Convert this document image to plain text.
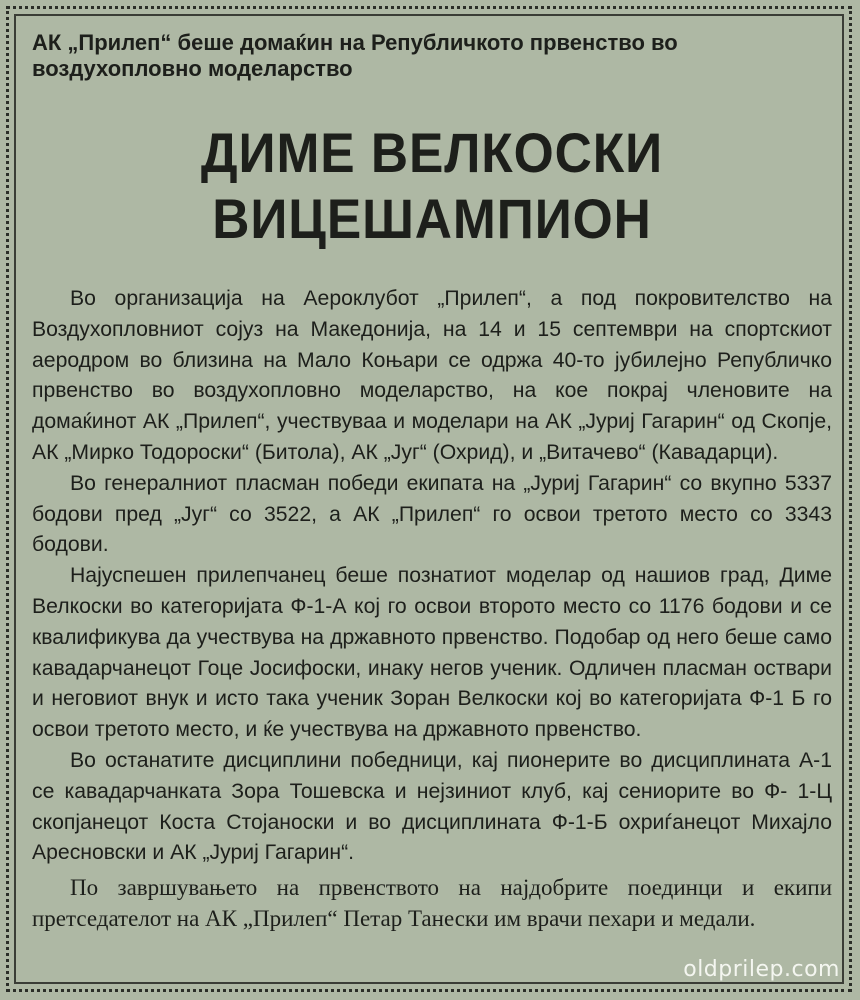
АК „Прилеп“ беше домаќин на Републичкото првенство во воздухопловно моделарство

ДИМЕ ВЕЛКОСКИ
ВИЦЕШАМПИОН

Во организација на Аероклубот „Прилеп“, а под покровителство на Воздухопловниот сојуз на Македонија, на 14 и 15 септември на спортскиот аеродром во близина на Мало Коњари се одржа 40-то јубилејно Републичко првенство во воздухопловно моделарство, на кое покрај членовите на домаќинот АК „Прилеп“, учествуваа и моделари на АК „Јуриј Гагарин“ од Скопје, АК „Мирко Тодороски“ (Битола), АК „Југ“ (Охрид), и „Витачево“ (Кавадарци).

Во генералниот пласман победи екипата на „Јуриј Гагарин“ со вкупно 5337 бодови пред „Југ“ со 3522, а АК „Прилеп“ го освои третото место со 3343 бодови.

Најуспешен прилепчанец беше познатиот моделар од нашиов град, Диме Велкоски во категоријата Ф-1-А кој го освои второто место со 1176 бодови и се квалификува да учествува на државното првенство. Подобар од него беше само кавадарчанецот Гоце Јосифоски, инаку негов ученик. Одличен пласман оствари и неговиот внук и исто така ученик Зоран Велкоски кој во категоријата Ф-1 Б го освои третото место, и ќе учествува на државното првенство.

Во останатите дисциплини победници, кај пионерите во дисциплината А-1 се кавадарчанката Зора Тошевска и нејзиниот клуб, кај сениорите во Ф- 1-Ц скопјанецот Коста Стојаноски и во дисциплината Ф-1-Б охриѓанецот Михајло Аресновски и АК „Јуриј Гагарин“.

По завршувањето на првенството на најдобрите поединци и екипи претседателот на АК „Прилеп“ Петар Танески им врачи пехари и медали.

oldprilep.com
